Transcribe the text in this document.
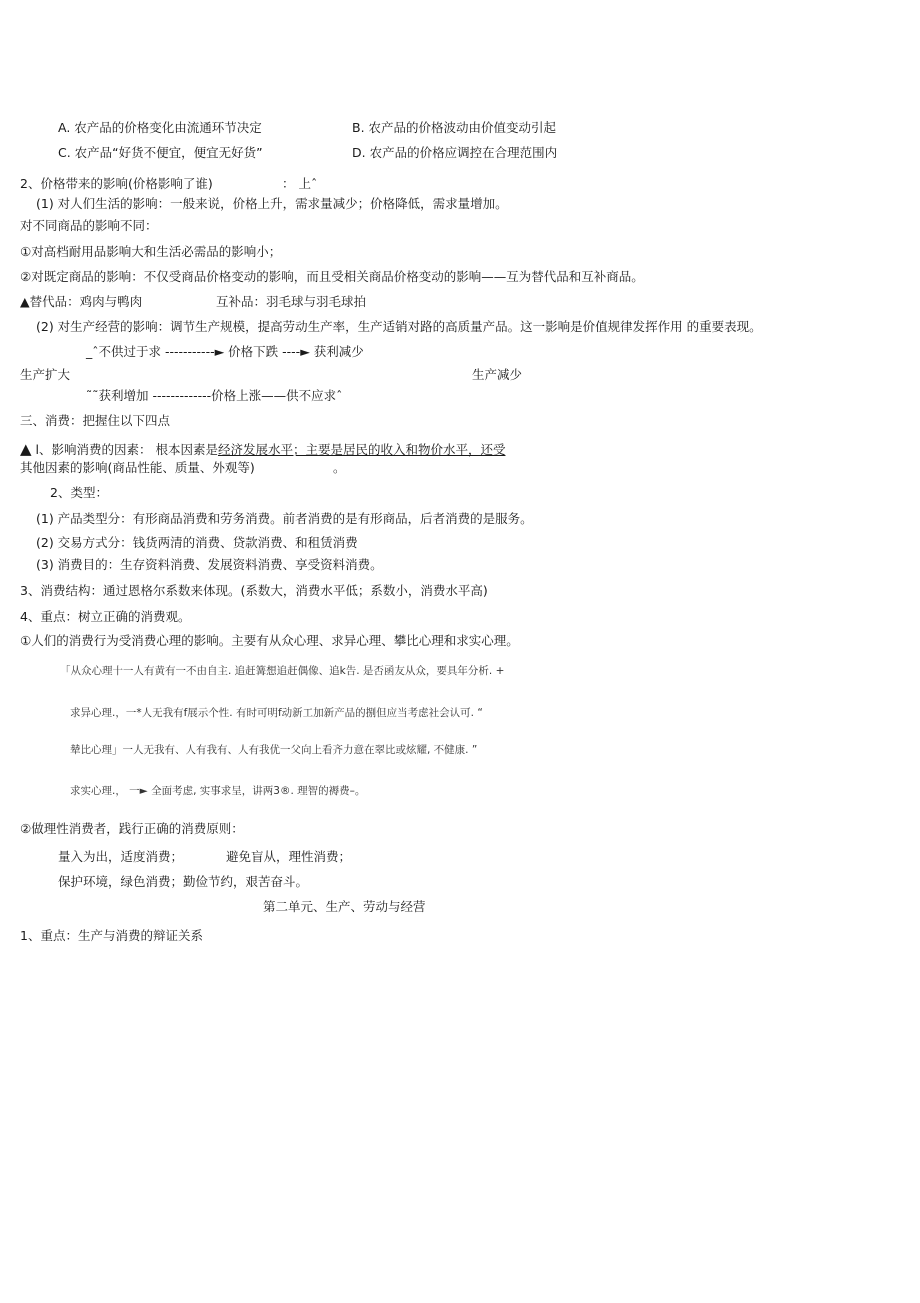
A. 农产品的价格变化由流通环节决定	B. 农产品的价格波动由价值变动引起
C. 农产品“好货不便宜，便宜无好货”	D. 农产品的价格应调控在合理范围内
2、价格带来的影响(价格影响了谁)	： 上ˆ
(1) 对人们生活的影响：一般来说，价格上升，需求量减少；价格降低，需求量增加。
对不同商品的影响不同：
①对高档耐用品影响大和生活必需品的影响小；
②对既定商品的影响：不仅受商品价格变动的影响，而且受相关商品价格变动的影响——互为替代品和互补商品。
▲替代品：鸡肉与鸭肉	互补品：羽毛球与羽毛球拍
(2) 对生产经营的影响：调节生产规模，提高劳动生产率，生产适销对路的高质量产品。这一影响是价值规律发挥作用 的重要表现。
_ˆ不供过于求 -----------► 价格下跌 ----► 获利减少
生产扩大	生产减少
˜˜获利增加 -------------价格上涨——供不应求ˆ
三、消费：把握住以下四点
▲ l、影响消费的因素： 根本因素是经济发展水平；主要是居民的收入和物价水平，还受
其他因素的影响(商品性能、质量、外观等)	。
2、类型：
(1) 产品类型分：有形商品消费和劳务消费。前者消费的是有形商品，后者消费的是服务。
(2) 交易方式分：钱货两清的消费、贷款消费、和租赁消费
(3) 消费目的：生存资料消费、发展资料消费、享受资料消费。
3、消费结构：通过恩格尔系数来体现。(系数大，消费水平低；系数小，消费水平高)
4、重点：树立正确的消费观。
①人们的消费行为受消费心理的影响。主要有从众心理、求异心理、攀比心理和求实心理。
「从众心理十一人有黄有一不由自主. 追赶篝想追赶偶像、追k告. 是否函友从众，要具年分析. +
求异心理.，一*人无我有f展示个性. 有时可明f动新工加新产品的捌但应当考虑社会认可. “
辇比心理」一人无我有、人有我有、人有我优一父向上看齐力意在翠比或炫耀, 不健康. ”
求实心理.， 一► 全面考虑, 实事求呈，讲两3®. 理智的褥费–。
②做理性消费者，践行正确的消费原则：
量入为出，适度消费；	避免盲从，理性消费；
保护环境，绿色消费；勤俭节约，艰苦奋斗。
第二单元、生产、劳动与经营
1、重点：生产与消费的辩证关系
